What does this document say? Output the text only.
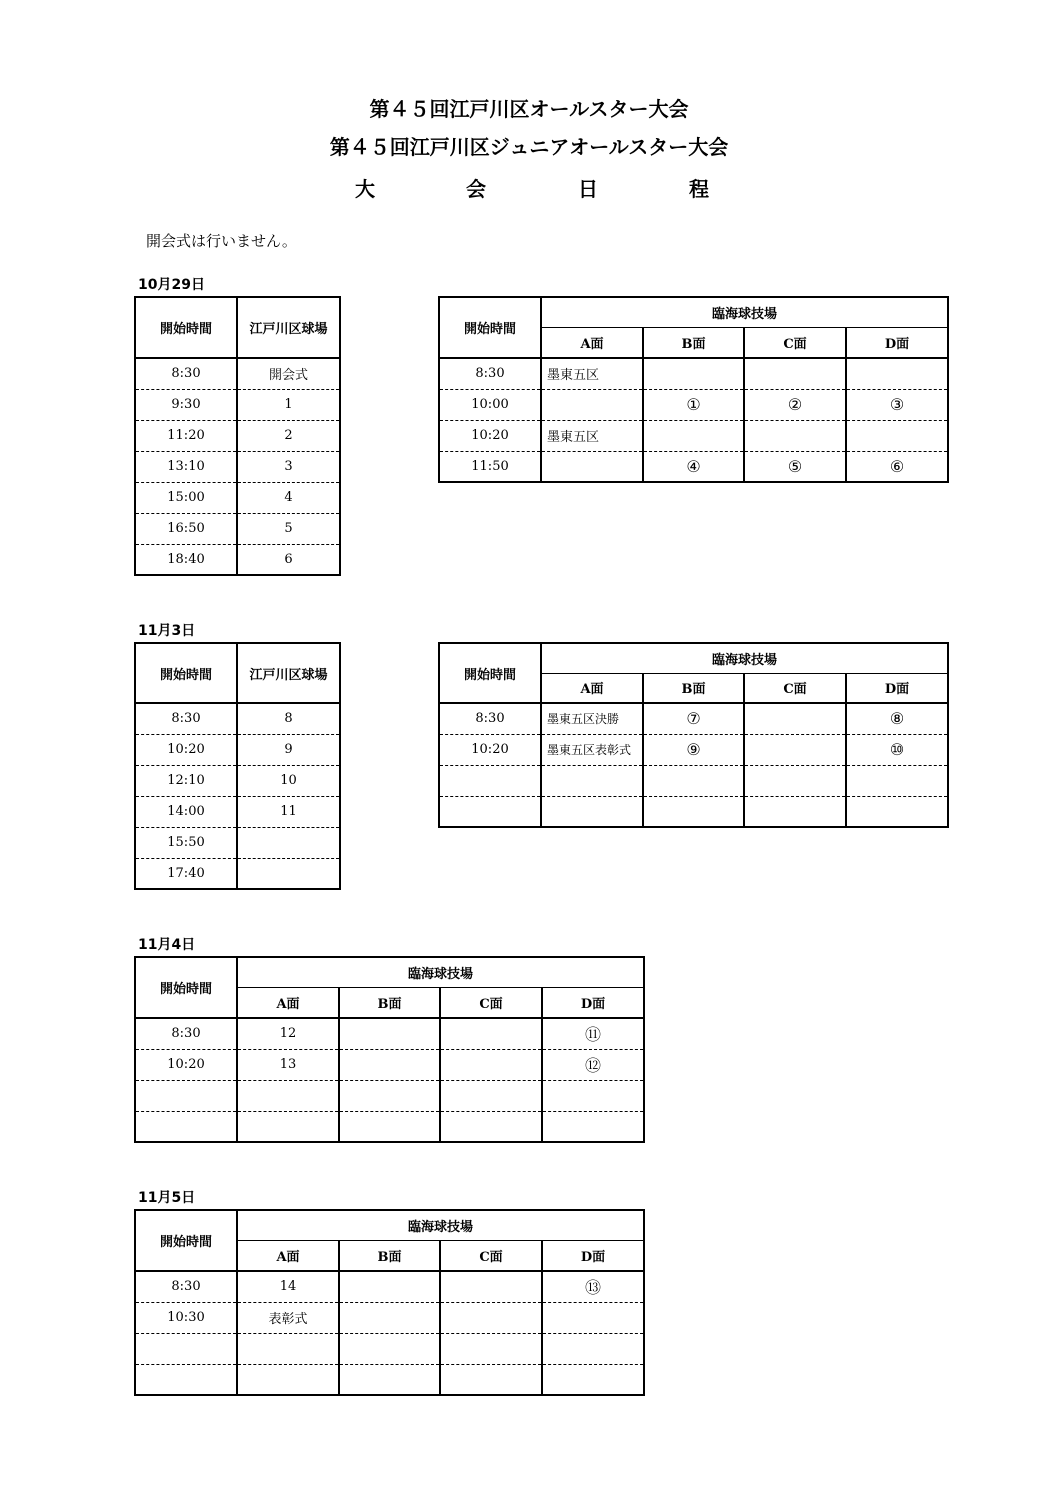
第４５回江戸川区オールスター大会
第４５回江戸川区ジュニアオールスター大会
大	会	日	程
開会式は行いません。
10月29日
開始時間	江戸川区球場
8:30	開会式
9:30	1
11:20	2
13:10	3
15:00	4
16:50	5
18:40	6
開始時間	臨海球技場			
	A面	B面	C面	D面
8:30	墨東五区			
10:00		①	②	③
10:20	墨東五区			
11:50		④	⑤	⑥
11月3日
開始時間	江戸川区球場
8:30	8
10:20	9
12:10	10
14:00	11
15:50	
17:40	
開始時間	臨海球技場			
	A面	B面	C面	D面
8:30	墨東五区決勝	⑦		⑧
10:20	墨東五区表彰式	⑨		⑩

11月4日
開始時間	臨海球技場			
	A面	B面	C面	D面
8:30	12			⑪
10:20	13			⑫

11月5日
開始時間	臨海球技場			
	A面	B面	C面	D面
8:30	14			⑬
10:30	表彰式			
